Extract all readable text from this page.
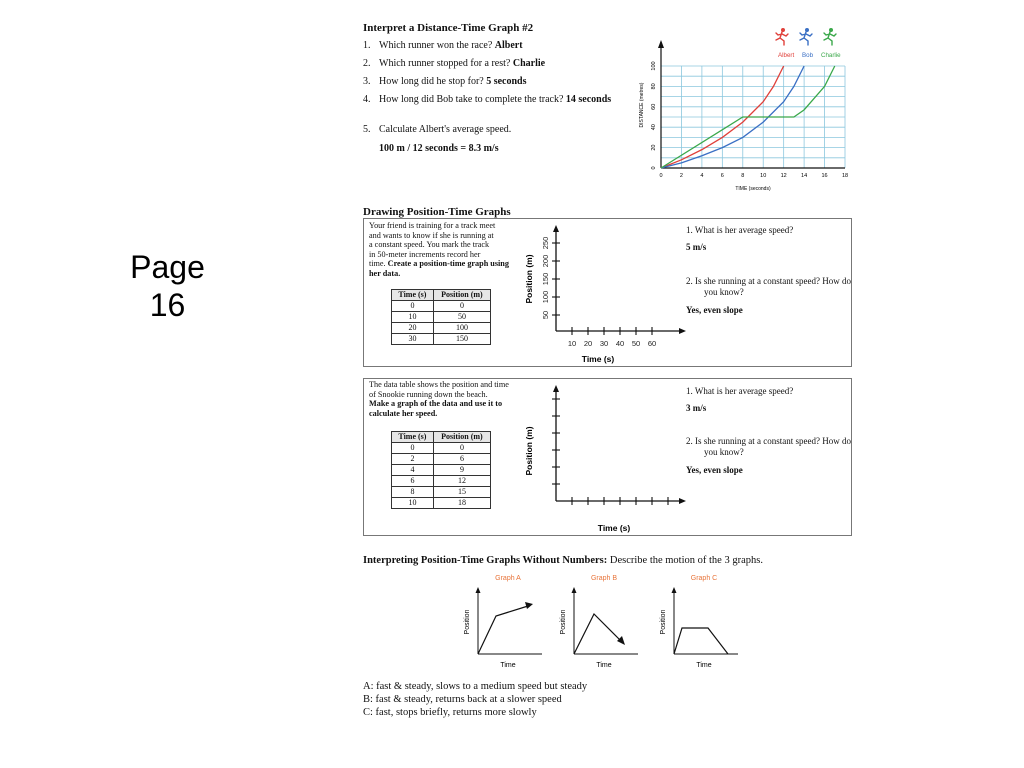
Page
16
Interpret a Distance-Time Graph #2
1. Which runner won the race? Albert
2. Which runner stopped for a rest? Charlie
3. How long did he stop for? 5 seconds
4. How long did Bob take to complete the track? 14 seconds
5. Calculate Albert's average speed.
100 m / 12 seconds = 8.3 m/s
0	2	4	6	8	10	12	14	16	18
0
20
40
60
80
100
TIME (seconds)
DISTANCE (metres)
Albert Bob Charlie
Drawing Position-Time Graphs
Your friend is training for a track meet
and wants to know if she is running at
a constant speed. You mark the track
in 50-meter increments record her
time. Create a position-time graph using her data.
Time (s)	Position (m)
0	0
10	50
20	100
30	150
10 20 30 40 50 60
50
100
150
200
250
Time (s)
Position (m)
1. What is her average speed?
5 m/s
2. Is she running at a constant speed? How do you know?
Yes, even slope
The data table shows the position and time of Snookie running down the beach. Make a graph of the data and use it to calculate her speed.
Time (s)	Position (m)
0	0
2	6
4	9
6	12
8	15
10	18
Time (s)
Position (m)
1. What is her average speed?
3 m/s
2. Is she running at a constant speed? How do you know?
Yes, even slope
Interpreting Position-Time Graphs Without Numbers: Describe the motion of the 3 graphs.
Graph A
Time
Position
Graph B
Time
Position
Graph C
Time
Position
A: fast & steady, slows to a medium speed but steady
B: fast & steady, returns back at a slower speed
C: fast, stops briefly, returns more slowly
